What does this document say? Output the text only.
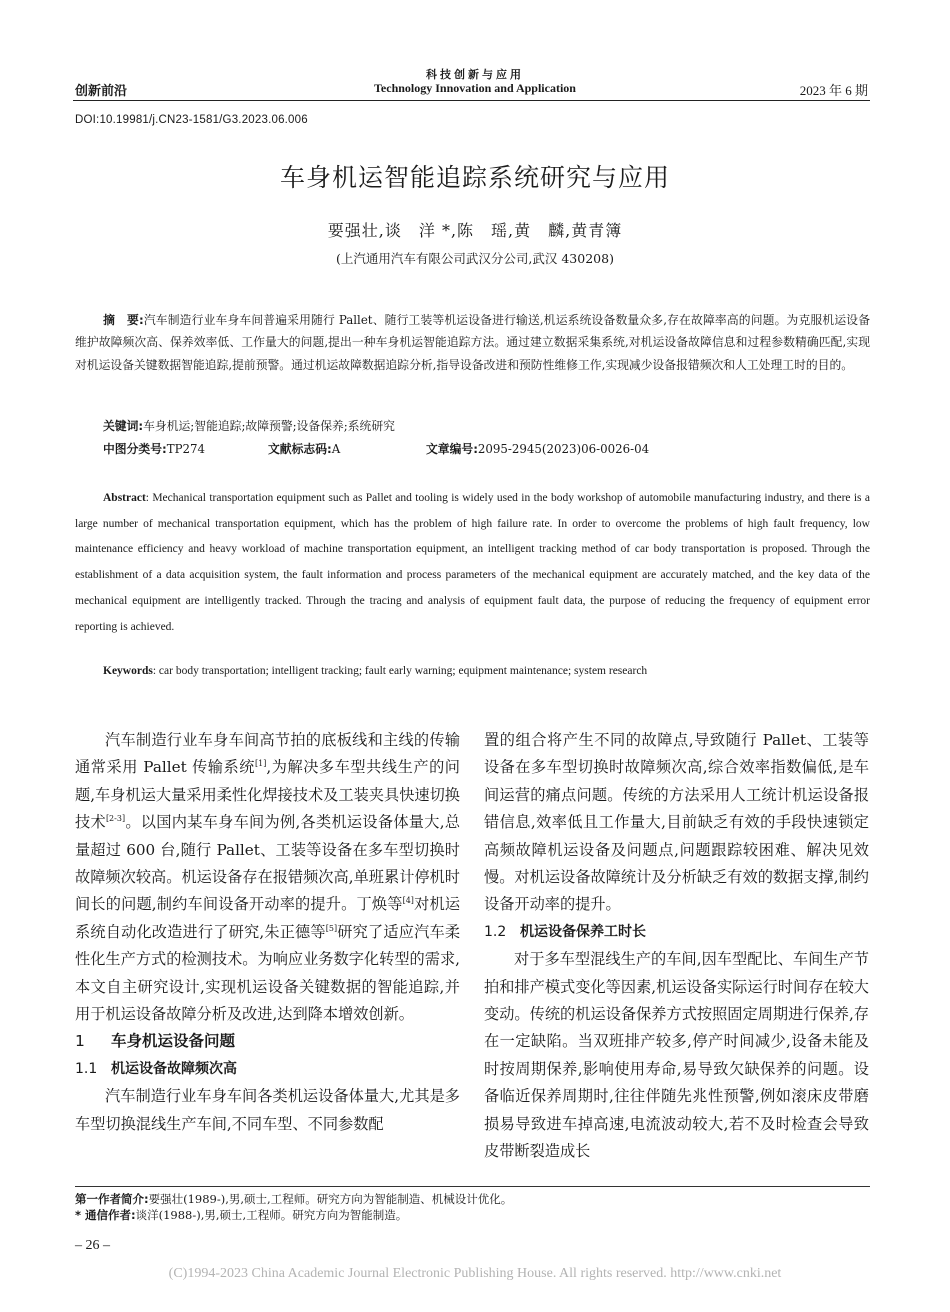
科技创新与应用
Technology Innovation and Application
创新前沿	2023 年 6 期
DOI:10.19981/j.CN23-1581/G3.2023.06.006
车身机运智能追踪系统研究与应用
要强壮,谈　洋 *,陈　瑶,黄　麟,黄青簿
(上汽通用汽车有限公司武汉分公司,武汉 430208)
摘　要:汽车制造行业车身车间普遍采用随行 Pallet、随行工装等机运设备进行输送,机运系统设备数量众多,存在故障率高的问题。为克服机运设备维护故障频次高、保养效率低、工作量大的问题,提出一种车身机运智能追踪方法。通过建立数据采集系统,对机运设备故障信息和过程参数精确匹配,实现对机运设备关键数据智能追踪,提前预警。通过机运故障数据追踪分析,指导设备改进和预防性维修工作,实现减少设备报错频次和人工处理工时的目的。
关键词:车身机运;智能追踪;故障预警;设备保养;系统研究
中图分类号:TP274	文献标志码:A	文章编号:2095-2945(2023)06-0026-04
Abstract: Mechanical transportation equipment such as Pallet and tooling is widely used in the body workshop of automobile manufacturing industry, and there is a large number of mechanical transportation equipment, which has the problem of high failure rate. In order to overcome the problems of high fault frequency, low maintenance efficiency and heavy workload of machine transportation equipment, an intelligent tracking method of car body transportation is proposed. Through the establishment of a data acquisition system, the fault information and process parameters of the mechanical equipment are accurately matched, and the key data of the mechanical equipment are intelligently tracked. Through the tracing and analysis of equipment fault data, the purpose of reducing the frequency of equipment error reporting is achieved.
Keywords: car body transportation; intelligent tracking; fault early warning; equipment maintenance; system research

汽车制造行业车身车间高节拍的底板线和主线的传输通常采用 Pallet 传输系统[1],为解决多车型共线生产的问题,车身机运大量采用柔性化焊接技术及工装夹具快速切换技术[2-3]。以国内某车身车间为例,各类机运设备体量大,总量超过 600 台,随行 Pallet、工装等设备在多车型切换时故障频次较高。机运设备存在报错频次高,单班累计停机时间长的问题,制约车间设备开动率的提升。丁焕等[4]对机运系统自动化改造进行了研究,朱正德等[5]研究了适应汽车柔性化生产方式的检测技术。为响应业务数字化转型的需求,本文自主研究设计,实现机运设备关键数据的智能追踪,并用于机运设备故障分析及改进,达到降本增效创新。

1 车身机运设备问题
1.1 机运设备故障频次高

汽车制造行业车身车间各类机运设备体量大,尤其是多车型切换混线生产车间,不同车型、不同参数配

置的组合将产生不同的故障点,导致随行 Pallet、工装等设备在多车型切换时故障频次高,综合效率指数偏低,是车间运营的痛点问题。传统的方法采用人工统计机运设备报错信息,效率低且工作量大,目前缺乏有效的手段快速锁定高频故障机运设备及问题点,问题跟踪较困难、解决见效慢。对机运设备故障统计及分析缺乏有效的数据支撑,制约设备开动率的提升。

1.2 机运设备保养工时长

对于多车型混线生产的车间,因车型配比、车间生产节拍和排产模式变化等因素,机运设备实际运行时间存在较大变动。传统的机运设备保养方式按照固定周期进行保养,存在一定缺陷。当双班排产较多,停产时间减少,设备未能及时按周期保养,影响使用寿命,易导致欠缺保养的问题。设备临近保养周期时,往往伴随先兆性预警,例如滚床皮带磨损易导致进车掉高速,电流波动较大,若不及时检查会导致皮带断裂造成长

第一作者简介:要强壮(1989-),男,硕士,工程师。研究方向为智能制造、机械设计优化。
* 通信作者:谈洋(1988-),男,硕士,工程师。研究方向为智能制造。
– 26 –
(C)1994-2023 China Academic Journal Electronic Publishing House. All rights reserved. http://www.cnki.net
